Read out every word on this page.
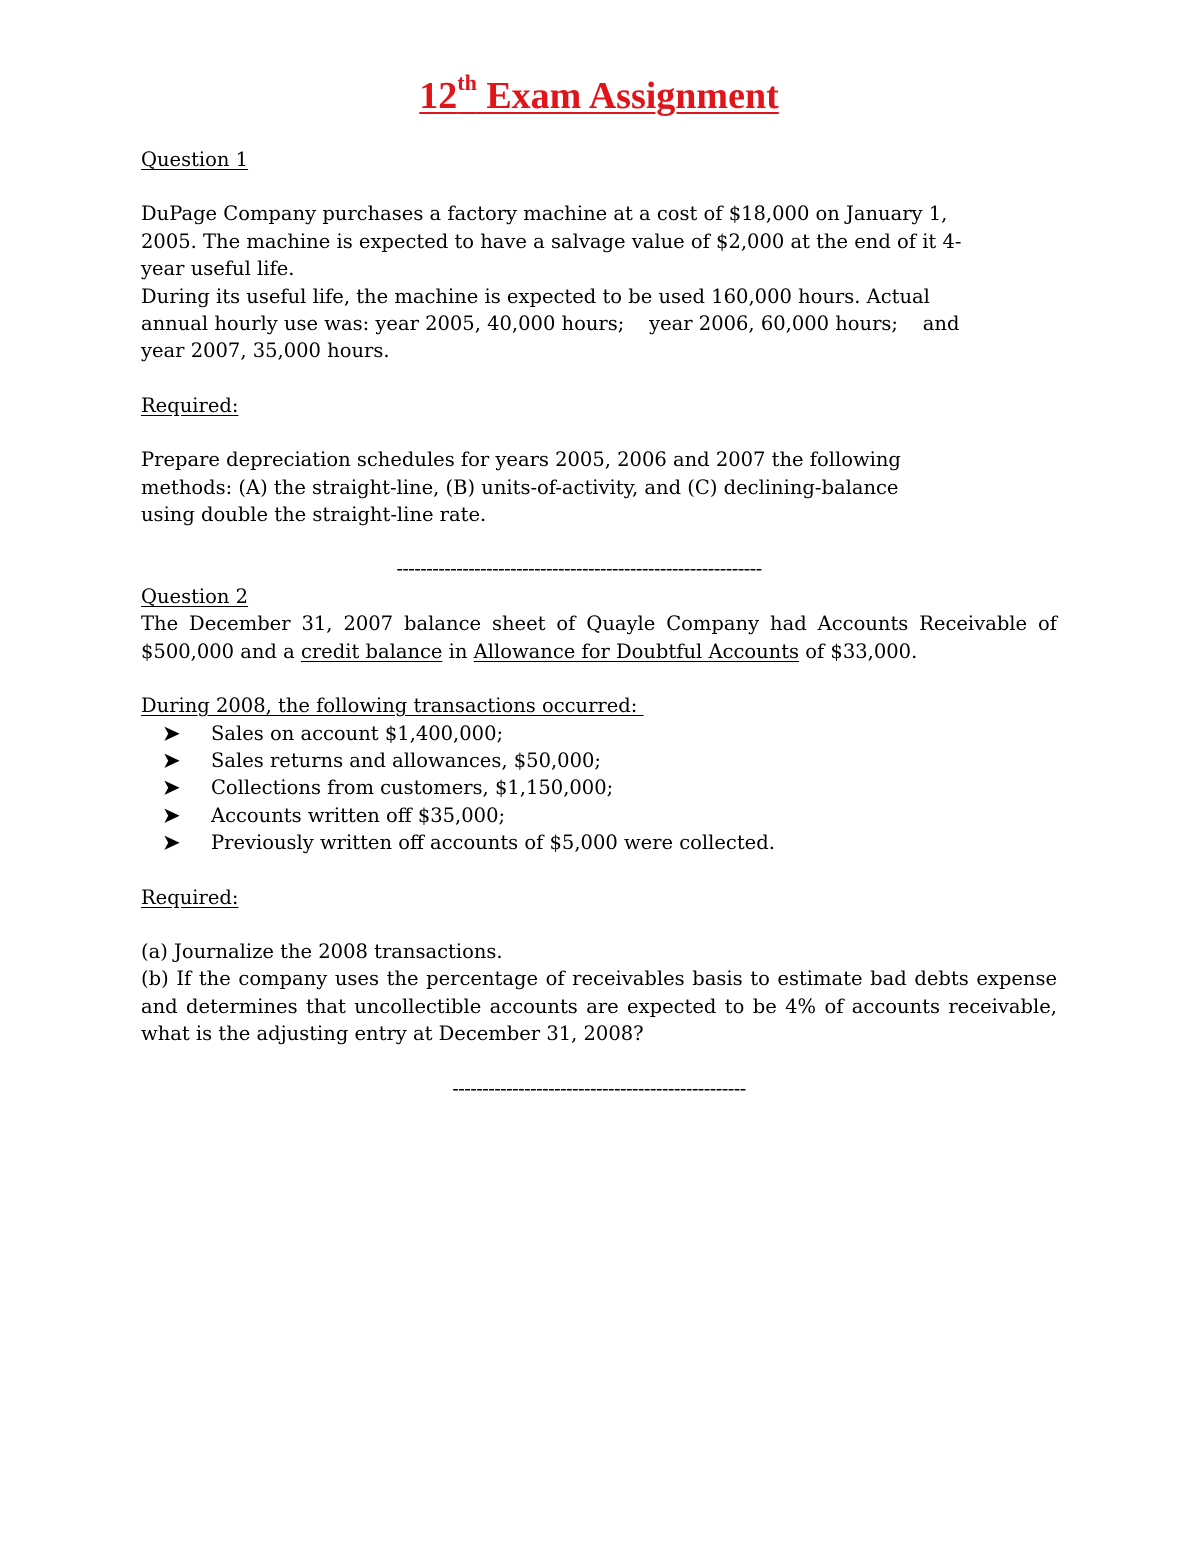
12th Exam Assignment

Question 1

DuPage Company purchases a factory machine at a cost of $18,000 on January 1,

2005. The machine is expected to have a salvage value of $2,000 at the end of it 4-

year useful life.

During its useful life, the machine is expected to be used 160,000 hours. Actual

annual hourly use was: year 2005, 40,000 hours;    year 2006, 60,000 hours;    and

year 2007, 35,000 hours.

Required:

Prepare depreciation schedules for years 2005, 2006 and 2007 the following

methods: (A) the straight-line, (B) units-of-activity, and (C) declining-balance

using double the straight-line rate.

-------------------------------------------------------------

Question 2

The December 31, 2007 balance sheet of Quayle Company had Accounts Receivable of $500,000 and a credit balance in Allowance for Doubtful Accounts of $33,000.

During 2008, the following transactions occurred:

➤	Sales on account $1,400,000;
➤	Sales returns and allowances, $50,000;
➤	Collections from customers, $1,150,000;
➤	Accounts written off $35,000;
➤	Previously written off accounts of $5,000 were collected.

Required:

(a) Journalize the 2008 transactions.

(b) If the company uses the percentage of receivables basis to estimate bad debts expense and determines that uncollectible accounts are expected to be 4% of accounts receivable, what is the adjusting entry at December 31, 2008?

-------------------------------------------------
